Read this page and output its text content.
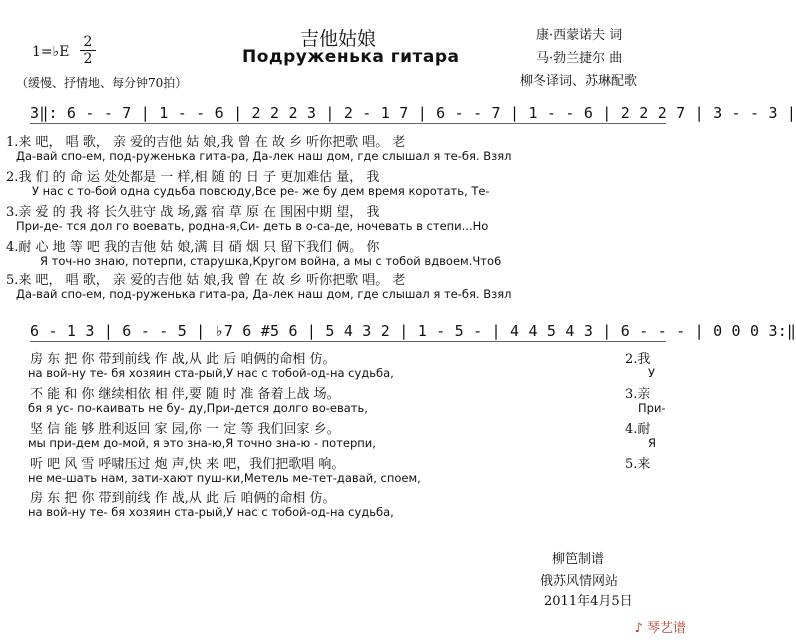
吉他姑娘
Подруженька гитара
康·西蒙诺夫 词
马·勃兰捷尔 曲
柳冬译词、苏琳配歌
1=♭E
2
2
（缓慢、抒情地、每分钟70拍）
3‖: 6 - - 7 | 1 - - 6 | 2 2 2 3 | 2 - 1 7 | 6 - - 7 | 1 - - 6 | 2 2 2 7 | 3 - - 3 |
1.来 吧， 唱 歌， 亲 爱的吉他 姑 娘,我 曾 在 故 乡 听你把歌 唱。 老
Да-вай спо-ем, под-руженька гита-ра, Да-лек наш дом, где слышал я те-бя. Взял
2.我 们 的 命 运 处处都是 一 样,相 随 的 日 子 更加难估 量， 我
У нас с то-бой одна судьба повсюду,Все ре- же бу дем время коротать, Те-
3.亲 爱 的 我 将 长久驻守 战 场,露 宿 草 原 在 围困中期 望， 我
При-де- тся дол го воевать, родна-я,Си- деть в о-са-де, ночевать в степи...Но
4.耐 心 地 等 吧 我的吉他 姑 娘,满 目 硝 烟 只 留下我们 俩。 你
Я точ-но знаю, потерпи, старушка,Кругом война, а мы с тобой вдвоем.Что6
5.来 吧， 唱 歌， 亲 爱的吉他 姑 娘,我 曾 在 故 乡 听你把歌 唱。 老
Да-вай спо-ем, под-руженька гита-ра, Да-лек наш дом, где слышал я те-бя. Взял
6 - 1 3 | 6 - - 5 | ♭7 6 #5 6 | 5 4 3 2 | 1 - 5 - | 4 4 5 4 3 | 6 - - - | 0 0 0 3:‖
房 东 把 你 带到前线 作 战,从 此 后 咱俩的命相 仿。
на вой-ну те- бя хозяин ста-рый,У нас с тобой-од-на судьба,
不 能 和 你 继续相依 相 伴,要 随 时 准 备着上战 场。
бя я ус- по-каивать не бу- ду,При-дется долго во-евать,
坚 信 能 够 胜利返回 家 园,你 一 定 等 我们回家 乡。
мы при-дем до-мой, я это зна-ю,Я точно зна-ю - потерпи,
听 吧 风 雪 呼啸压过 炮 声,快 来 吧，我们把歌唱 响。
не ме-шать нам, зати-хают пуш-ки,Метель ме-тет-давай, споем,
房 东 把 你 带到前线 作 战,从 此 后 咱俩的命相 仿。
на вой-ну те- бя хозяин ста-рый,У нас с тобой-од-на судьба,
2.我
У
3.亲
При-
4.耐
Я
5.来
柳笆制谱
俄苏风情网站
2011年4月5日
♪ 琴艺谱
